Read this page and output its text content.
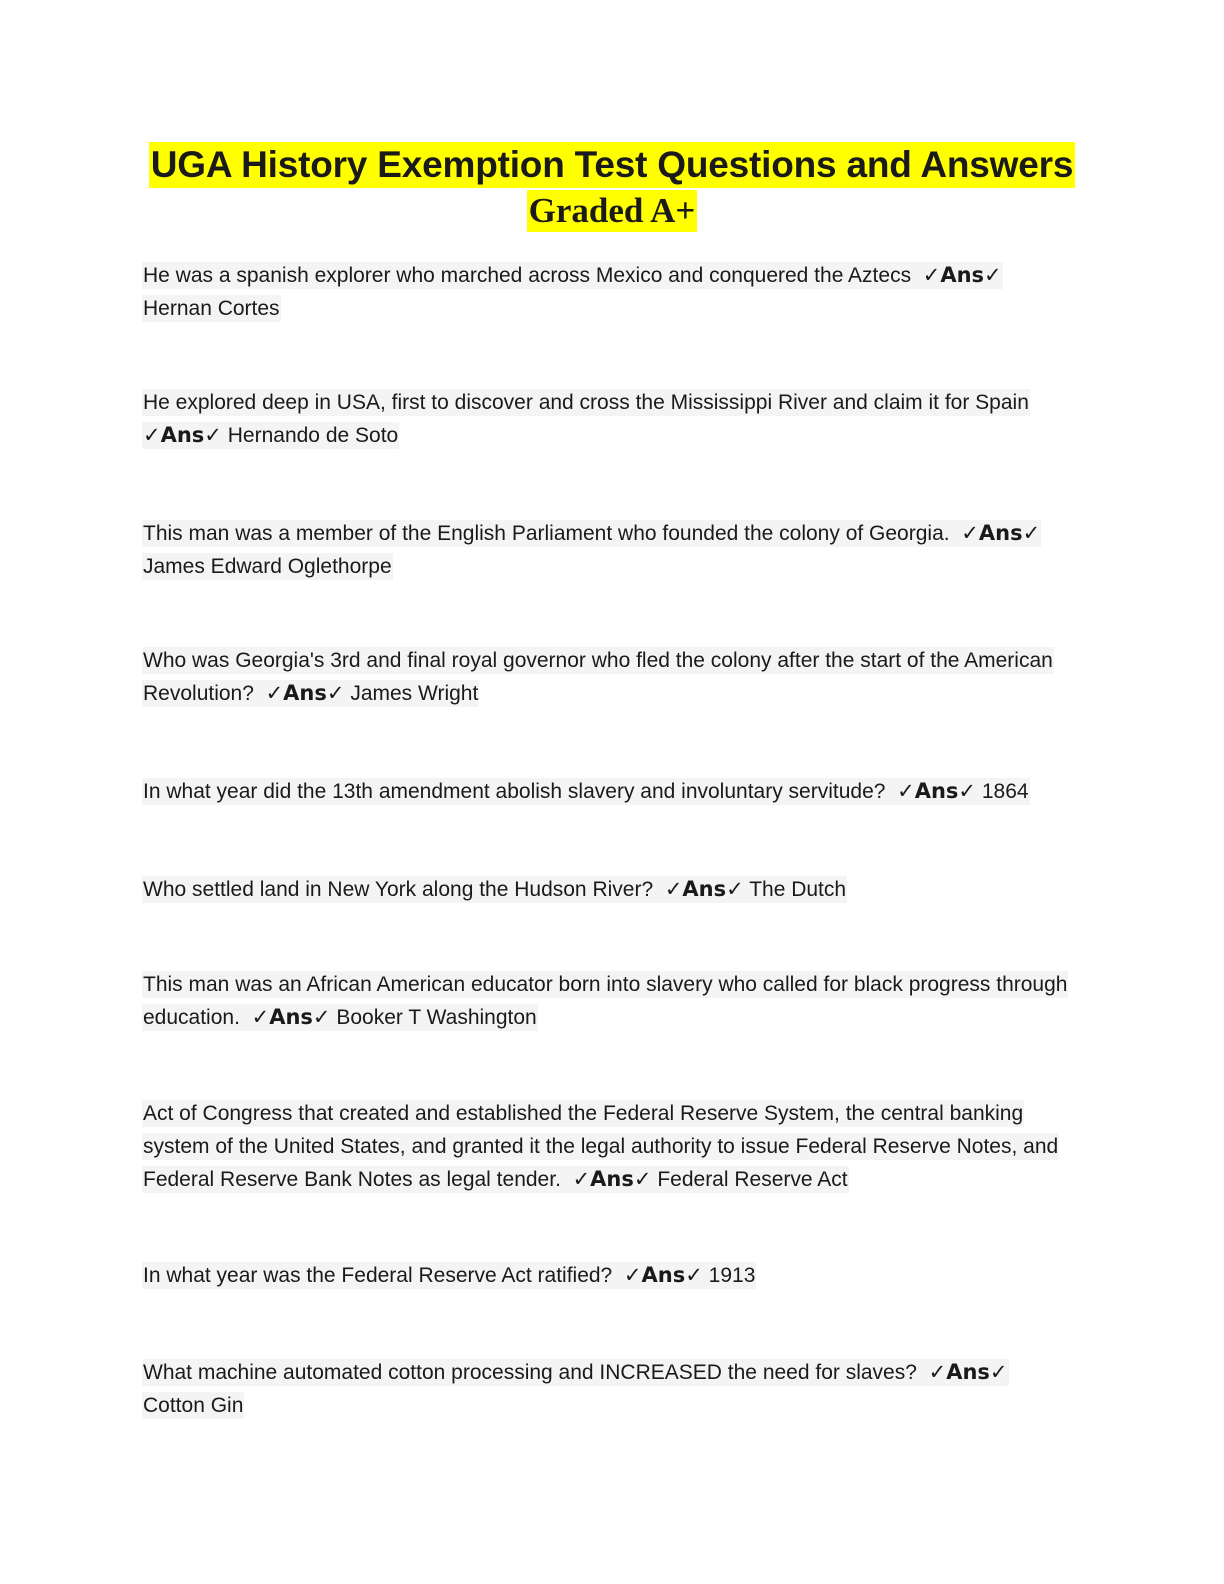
UGA History Exemption Test Questions and Answers
Graded A+
He was a spanish explorer who marched across Mexico and conquered the Aztecs ✓Ans✓
Hernan Cortes
He explored deep in USA, first to discover and cross the Mississippi River and claim it for Spain
✓Ans✓ Hernando de Soto
This man was a member of the English Parliament who founded the colony of Georgia. ✓Ans✓
James Edward Oglethorpe
Who was Georgia's 3rd and final royal governor who fled the colony after the start of the American Revolution? ✓Ans✓ James Wright
In what year did the 13th amendment abolish slavery and involuntary servitude? ✓Ans✓ 1864
Who settled land in New York along the Hudson River? ✓Ans✓ The Dutch
This man was an African American educator born into slavery who called for black progress through education. ✓Ans✓ Booker T Washington
Act of Congress that created and established the Federal Reserve System, the central banking system of the United States, and granted it the legal authority to issue Federal Reserve Notes, and Federal Reserve Bank Notes as legal tender. ✓Ans✓ Federal Reserve Act
In what year was the Federal Reserve Act ratified? ✓Ans✓ 1913
What machine automated cotton processing and INCREASED the need for slaves? ✓Ans✓
Cotton Gin
